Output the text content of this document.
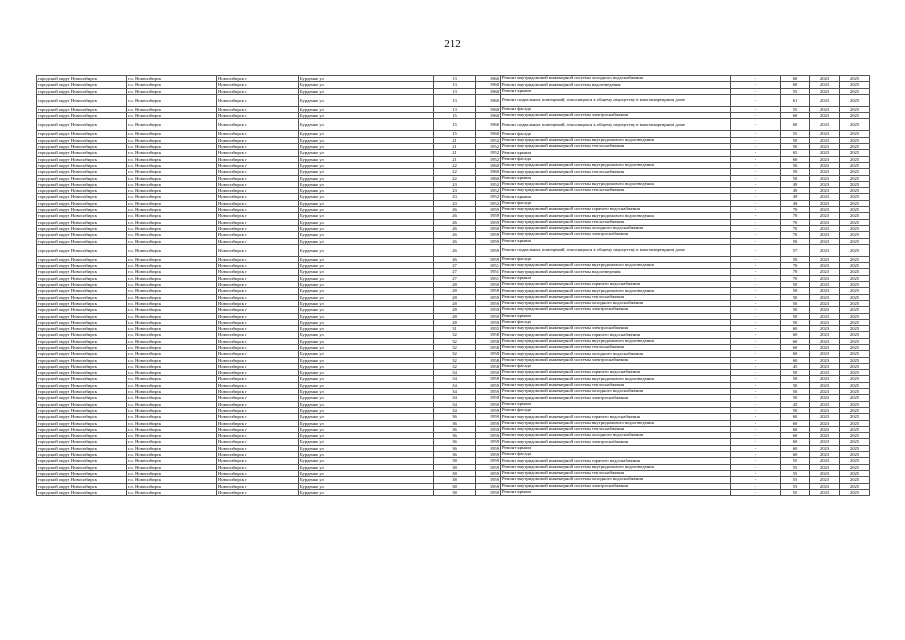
212
городской округ Новосибирск	г.о. Новосибирск	Новосибирск г	Бурденко ул	13	1960	Ремонт внутридомовой инженерной системы холодного водоснабжения	-	60	2023	2025
городской округ Новосибирск	г.о. Новосибирск	Новосибирск г	Бурденко ул	13	1960	Ремонт внутридомовой инженерной системы водоотведения	-	60	2023	2025
городской округ Новосибирск	г.о. Новосибирск	Новосибирск г	Бурденко ул	13	1960	Ремонт крыши	-	55	2023	2025
городской округ Новосибирск	г.о. Новосибирск	Новосибирск г	Бурденко ул	13	1960	Ремонт подвальных помещений, относящихся к общему имуществу в многоквартирном доме	-	61	2023	2025
городской округ Новосибирск	г.о. Новосибирск	Новосибирск г	Бурденко ул	13	1960	Ремонт фасада	-	55	2023	2025
городской округ Новосибирск	г.о. Новосибирск	Новосибирск г	Бурденко ул	15	1960	Ремонт внутридомовой инженерной системы электроснабжения	-	60	2023	2025
городской округ Новосибирск	г.о. Новосибирск	Новосибирск г	Бурденко ул	15	1960	Ремонт подвальных помещений, относящихся к общему имуществу в многоквартирном доме	-	60	2023	2025
городской округ Новосибирск	г.о. Новосибирск	Новосибирск г	Бурденко ул	15	1960	Ремонт фасада	-	55	2023	2025
городской округ Новосибирск	г.о. Новосибирск	Новосибирск г	Бурденко ул	21	1952	Ремонт внутридомовой инженерной системы внутридомового водоотведения	-	50	2023	2025
городской округ Новосибирск	г.о. Новосибирск	Новосибирск г	Бурденко ул	21	1952	Ремонт внутридомовой инженерной системы теплоснабжения	-	50	2023	2025
городской округ Новосибирск	г.о. Новосибирск	Новосибирск г	Бурденко ул	21	1952	Ремонт крыши	-	65	2023	2025
городской округ Новосибирск	г.о. Новосибирск	Новосибирск г	Бурденко ул	21	1952	Ремонт фасада	-	60	2023	2025
городской округ Новосибирск	г.о. Новосибирск	Новосибирск г	Бурденко ул	22	1960	Ремонт внутридомовой инженерной системы внутридомового водоотведения	-	50	2023	2025
городской округ Новосибирск	г.о. Новосибирск	Новосибирск г	Бурденко ул	22	1960	Ремонт внутридомовой инженерной системы теплоснабжения	-	50	2023	2025
городской округ Новосибирск	г.о. Новосибирск	Новосибирск г	Бурденко ул	22	1960	Ремонт крыши	-	50	2023	2025
городской округ Новосибирск	г.о. Новосибирск	Новосибирск г	Бурденко ул	23	1952	Ремонт внутридомовой инженерной системы внутридомового водоотведения	-	49	2023	2025
городской округ Новосибирск	г.о. Новосибирск	Новосибирск г	Бурденко ул	23	1952	Ремонт внутридомовой инженерной системы теплоснабжения	-	49	2023	2025
городской округ Новосибирск	г.о. Новосибирск	Новосибирск г	Бурденко ул	23	1952	Ремонт крыши	-	49	2023	2025
городской округ Новосибирск	г.о. Новосибирск	Новосибирск г	Бурденко ул	23	1952	Ремонт фасада	-	49	2023	2025
городской округ Новосибирск	г.о. Новосибирск	Новосибирск г	Бурденко ул	26	1959	Ремонт внутридомовой инженерной системы горячего водоснабжения	-	70	2023	2025
городской округ Новосибирск	г.о. Новосибирск	Новосибирск г	Бурденко ул	26	1959	Ремонт внутридомовой инженерной системы внутридомового водоотведения	-	70	2023	2025
городской округ Новосибирск	г.о. Новосибирск	Новосибирск г	Бурденко ул	26	1959	Ремонт внутридомовой инженерной системы теплоснабжения	-	70	2023	2025
городской округ Новосибирск	г.о. Новосибирск	Новосибирск г	Бурденко ул	26	1959	Ремонт внутридомовой инженерной системы холодного водоснабжения	-	70	2023	2025
городской округ Новосибирск	г.о. Новосибирск	Новосибирск г	Бурденко ул	26	1959	Ремонт внутридомовой инженерной системы электроснабжения	-	70	2023	2025
городской округ Новосибирск	г.о. Новосибирск	Новосибирск г	Бурденко ул	26	1959	Ремонт крыши	-	50	2023	2025
городской округ Новосибирск	г.о. Новосибирск	Новосибирск г	Бурденко ул	26	1959	Ремонт подвальных помещений, относящихся к общему имуществу в многоквартирном доме	-	57	2023	2025
городской округ Новосибирск	г.о. Новосибирск	Новосибирск г	Бурденко ул	26	1959	Ремонт фасада	-	50	2023	2025
городской округ Новосибирск	г.о. Новосибирск	Новосибирск г	Бурденко ул	27	1951	Ремонт внутридомовой инженерной системы внутридомового водоотведения	-	70	2023	2025
городской округ Новосибирск	г.о. Новосибирск	Новосибирск г	Бурденко ул	27	1951	Ремонт внутридомовой инженерной системы водоотведения	-	70	2023	2025
городской округ Новосибирск	г.о. Новосибирск	Новосибирск г	Бурденко ул	27	1951	Ремонт крыши	-	70	2023	2025
городской округ Новосибирск	г.о. Новосибирск	Новосибирск г	Бурденко ул	28	1959	Ремонт внутридомовой инженерной системы горячего водоснабжения	-	50	2023	2025
городской округ Новосибирск	г.о. Новосибирск	Новосибирск г	Бурденко ул	28	1959	Ремонт внутридомовой инженерной системы внутридомового водоотведения	-	50	2023	2025
городской округ Новосибирск	г.о. Новосибирск	Новосибирск г	Бурденко ул	28	1959	Ремонт внутридомовой инженерной системы теплоснабжения	-	50	2023	2025
городской округ Новосибирск	г.о. Новосибирск	Новосибирск г	Бурденко ул	28	1959	Ремонт внутридомовой инженерной системы холодного водоснабжения	-	50	2023	2025
городской округ Новосибирск	г.о. Новосибирск	Новосибирск г	Бурденко ул	28	1959	Ремонт внутридомовой инженерной системы электроснабжения	-	50	2023	2025
городской округ Новосибирск	г.о. Новосибирск	Новосибирск г	Бурденко ул	28	1959	Ремонт крыши	-	50	2023	2025
городской округ Новосибирск	г.о. Новосибирск	Новосибирск г	Бурденко ул	28	1959	Ремонт фасада	-	50	2023	2025
городской округ Новосибирск	г.о. Новосибирск	Новосибирск г	Бурденко ул	31	1955	Ремонт внутридомовой инженерной системы электроснабжения	-	60	2023	2025
городской округ Новосибирск	г.о. Новосибирск	Новосибирск г	Бурденко ул	32	1958	Ремонт внутридомовой инженерной системы горячего водоснабжения	-	60	2023	2025
городской округ Новосибирск	г.о. Новосибирск	Новосибирск г	Бурденко ул	32	1958	Ремонт внутридомовой инженерной системы внутридомового водоотведения	-	60	2023	2025
городской округ Новосибирск	г.о. Новосибирск	Новосибирск г	Бурденко ул	32	1958	Ремонт внутридомовой инженерной системы теплоснабжения	-	60	2023	2025
городской округ Новосибирск	г.о. Новосибирск	Новосибирск г	Бурденко ул	32	1958	Ремонт внутридомовой инженерной системы холодного водоснабжения	-	60	2023	2025
городской округ Новосибирск	г.о. Новосибирск	Новосибирск г	Бурденко ул	32	1958	Ремонт внутридомовой инженерной системы электроснабжения	-	60	2023	2025
городской округ Новосибирск	г.о. Новосибирск	Новосибирск г	Бурденко ул	32	1958	Ремонт фасада	-	45	2023	2025
городской округ Новосибирск	г.о. Новосибирск	Новосибирск г	Бурденко ул	34	1959	Ремонт внутридомовой инженерной системы горячего водоснабжения	-	50	2023	2025
городской округ Новосибирск	г.о. Новосибирск	Новосибирск г	Бурденко ул	34	1959	Ремонт внутридомовой инженерной системы внутридомового водоотведения	-	50	2023	2025
городской округ Новосибирск	г.о. Новосибирск	Новосибирск г	Бурденко ул	34	1959	Ремонт внутридомовой инженерной системы теплоснабжения	-	50	2023	2025
городской округ Новосибирск	г.о. Новосибирск	Новосибирск г	Бурденко ул	34	1959	Ремонт внутридомовой инженерной системы холодного водоснабжения	-	50	2023	2025
городской округ Новосибирск	г.о. Новосибирск	Новосибирск г	Бурденко ул	34	1959	Ремонт внутридомовой инженерной системы электроснабжения	-	50	2023	2025
городской округ Новосибирск	г.о. Новосибирск	Новосибирск г	Бурденко ул	34	1959	Ремонт крыши	-	45	2023	2025
городской округ Новосибирск	г.о. Новосибирск	Новосибирск г	Бурденко ул	34	1959	Ремонт фасада	-	50	2023	2025
городской округ Новосибирск	г.о. Новосибирск	Новосибирск г	Бурденко ул	36	1959	Ремонт внутридомовой инженерной системы горячего водоснабжения	-	60	2023	2025
городской округ Новосибирск	г.о. Новосибирск	Новосибирск г	Бурденко ул	36	1959	Ремонт внутридомовой инженерной системы внутридомового водоотведения	-	60	2023	2025
городской округ Новосибирск	г.о. Новосибирск	Новосибирск г	Бурденко ул	36	1959	Ремонт внутридомовой инженерной системы теплоснабжения	-	60	2023	2025
городской округ Новосибирск	г.о. Новосибирск	Новосибирск г	Бурденко ул	36	1959	Ремонт внутридомовой инженерной системы холодного водоснабжения	-	60	2023	2025
городской округ Новосибирск	г.о. Новосибирск	Новосибирск г	Бурденко ул	36	1959	Ремонт внутридомовой инженерной системы электроснабжения	-	60	2023	2025
городской округ Новосибирск	г.о. Новосибирск	Новосибирск г	Бурденко ул	36	1959	Ремонт крыши	-	60	2023	2025
городской округ Новосибирск	г.о. Новосибирск	Новосибирск г	Бурденко ул	36	1959	Ремонт фасада	-	60	2023	2025
городской округ Новосибирск	г.о. Новосибирск	Новосибирск г	Бурденко ул	38	1959	Ремонт внутридомовой инженерной системы горячего водоснабжения	-	55	2023	2025
городской округ Новосибирск	г.о. Новосибирск	Новосибирск г	Бурденко ул	38	1959	Ремонт внутридомовой инженерной системы внутридомового водоотведения	-	55	2023	2025
городской округ Новосибирск	г.о. Новосибирск	Новосибирск г	Бурденко ул	38	1959	Ремонт внутридомовой инженерной системы теплоснабжения	-	55	2023	2025
городской округ Новосибирск	г.о. Новосибирск	Новосибирск г	Бурденко ул	38	1959	Ремонт внутридомовой инженерной системы холодного водоснабжения	-	55	2023	2025
городской округ Новосибирск	г.о. Новосибирск	Новосибирск г	Бурденко ул	38	1959	Ремонт внутридомовой инженерной системы электроснабжения	-	55	2023	2025
городской округ Новосибирск	г.о. Новосибирск	Новосибирск г	Бурденко ул	38	1959	Ремонт крыши	-	55	2023	2025
